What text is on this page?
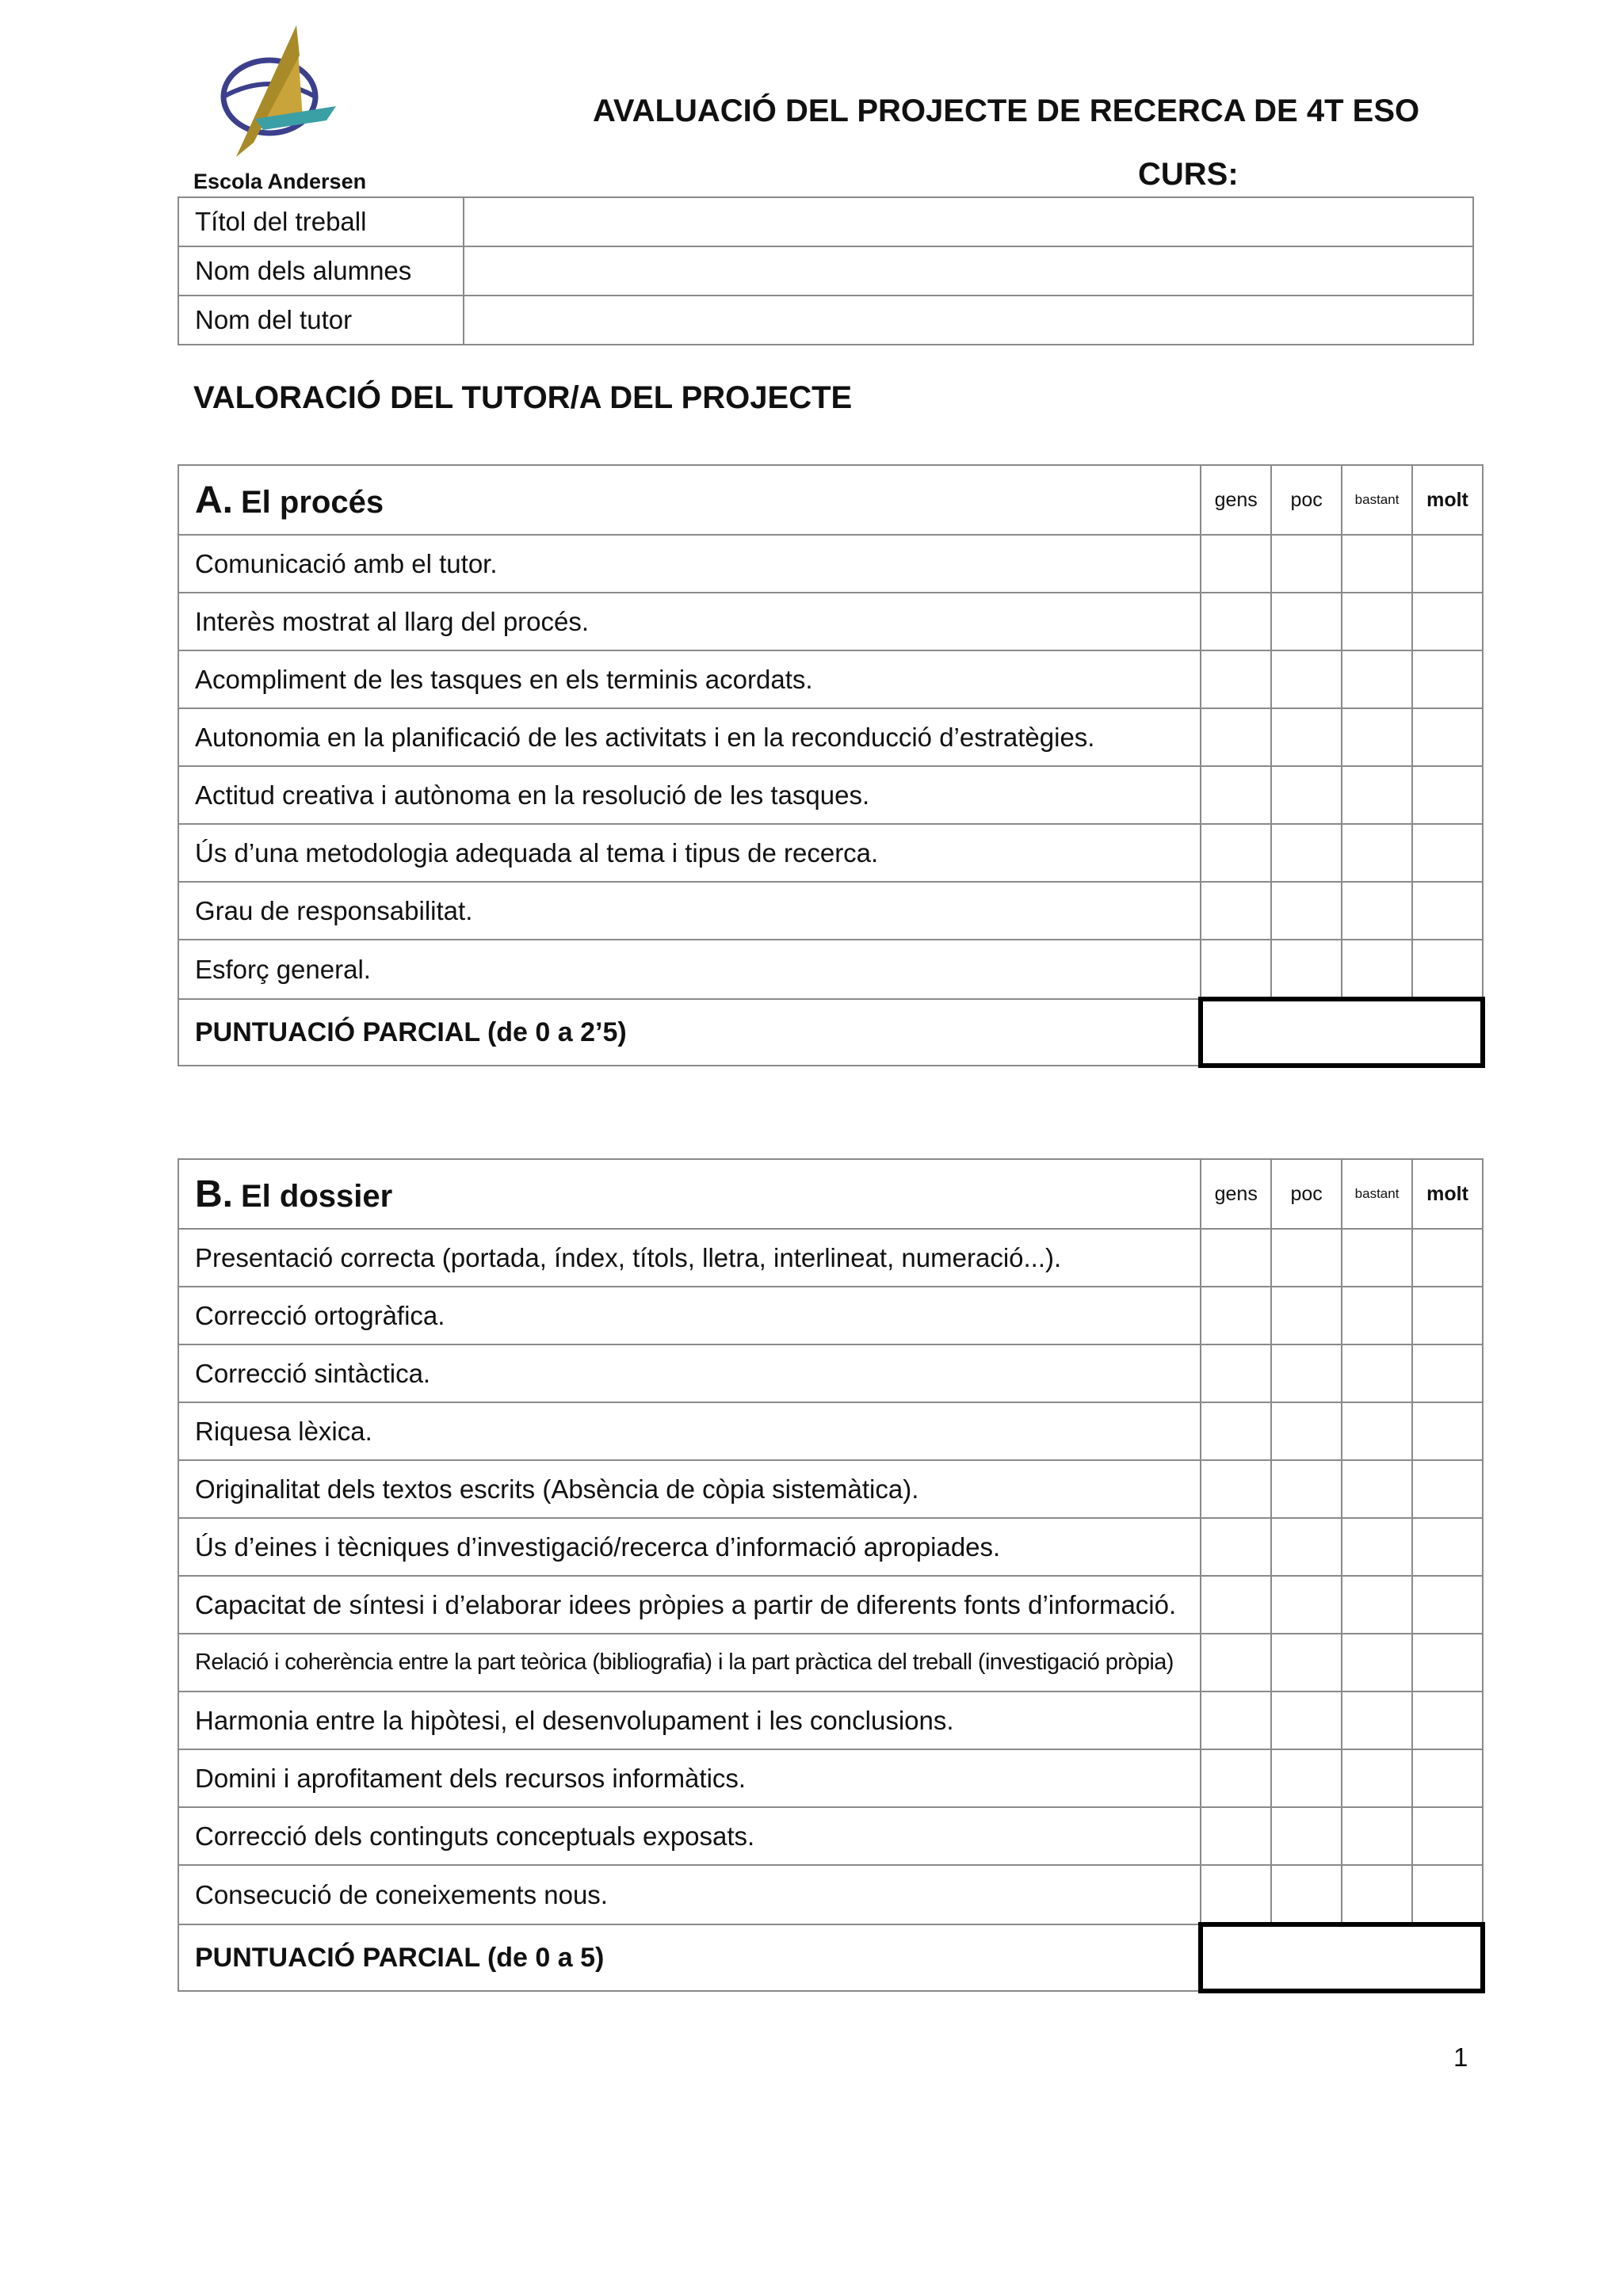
Escola Andersen
AVALUACIÓ DEL PROJECTE DE RECERCA DE 4T ESO
CURS:
Títol del treball	
Nom dels alumnes	
Nom del tutor	
VALORACIÓ DEL TUTOR/A DEL PROJECTE
A. El procés	gens	poc	bastant	molt
Comunicació amb el tutor.				
Interès mostrat al llarg del procés.				
Acompliment de les tasques en els terminis acordats.				
Autonomia en la planificació de les activitats i en la reconducció d’estratègies.				
Actitud creativa i autònoma en la resolució de les tasques.				
Ús d’una metodologia adequada al tema i tipus de recerca.				
Grau de responsabilitat.				
Esforç general.				
PUNTUACIÓ PARCIAL (de 0 a 2’5)				
B. El dossier	gens	poc	bastant	molt
Presentació correcta (portada, índex, títols, lletra, interlineat, numeració...).				
Correcció ortogràfica.				
Correcció sintàctica.				
Riquesa lèxica.				
Originalitat dels textos escrits (Absència de còpia sistemàtica).				
Ús d’eines i tècniques d’investigació/recerca d’informació apropiades.				
Capacitat de síntesi i d’elaborar idees pròpies a partir de diferents fonts d’informació.				
Relació i coherència entre la part teòrica (bibliografia) i la part pràctica del treball (investigació pròpia)				
Harmonia entre la hipòtesi, el desenvolupament i les conclusions.				
Domini i aprofitament dels recursos informàtics.				
Correcció dels continguts conceptuals exposats.				
Consecució de coneixements nous.				
PUNTUACIÓ PARCIAL (de 0 a 5)				
1
